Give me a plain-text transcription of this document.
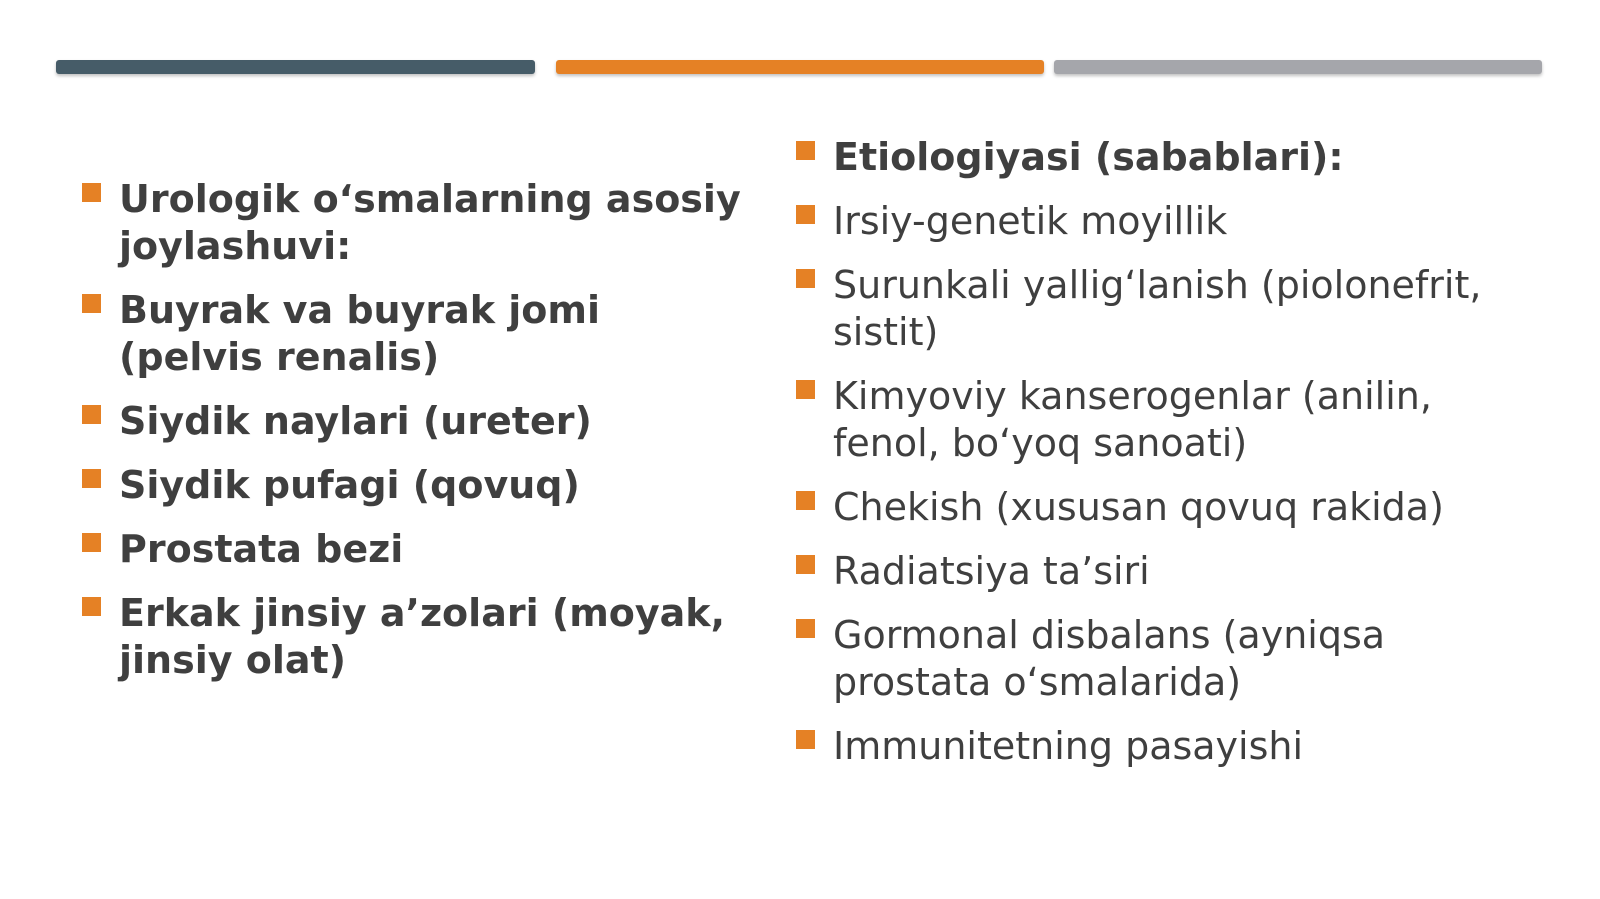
Urologik o‘smalarning asosiy joylashuvi:
Buyrak va buyrak jomi (pelvis renalis)
Siydik naylari (ureter)
Siydik pufagi (qovuq)
Prostata bezi
Erkak jinsiy a’zolari (moyak, jinsiy olat)
Etiologiyasi (sabablari):
Irsiy-genetik moyillik
Surunkali yallig‘lanish (piolonefrit, sistit)
Kimyoviy kanserogenlar (anilin, fenol, bo‘yoq sanoati)
Chekish (xususan qovuq rakida)
Radiatsiya ta’siri
Gormonal disbalans (ayniqsa prostata o‘smalarida)
Immunitetning pasayishi
